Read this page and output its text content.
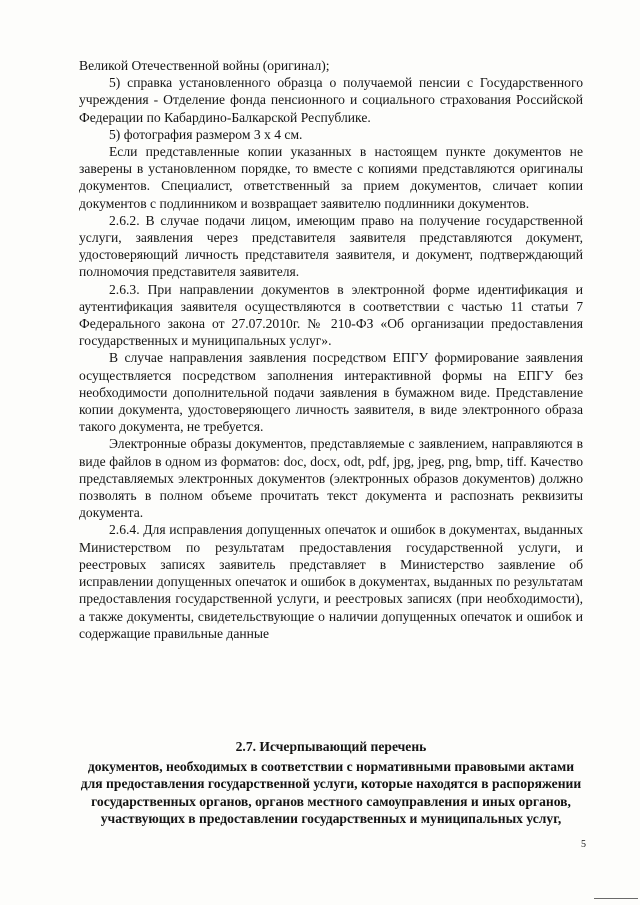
Великой Отечественной войны (оригинал);

5) справка установленного образца о получаемой пенсии с Государственного учреждения - Отделение фонда пенсионного и социального страхования Российской Федерации по Кабардино-Балкарской Республике.

5) фотография размером 3 x 4 см.

Если представленные копии указанных в настоящем пункте документов не заверены в установленном порядке, то вместе с копиями представляются оригиналы документов. Специалист, ответственный за прием документов, сличает копии документов с подлинником и возвращает заявителю подлинники документов.

2.6.2. В случае подачи лицом, имеющим право на получение государственной услуги, заявления через представителя заявителя представляются документ, удостоверяющий личность представителя заявителя, и документ, подтверждающий полномочия представителя заявителя.

2.6.3. При направлении документов в электронной форме идентификация и аутентификация заявителя осуществляются в соответствии с частью 11 статьи 7 Федерального закона от 27.07.2010г. № 210-ФЗ «Об организации предоставления государственных и муниципальных услуг».

В случае направления заявления посредством ЕПГУ формирование заявления осуществляется посредством заполнения интерактивной формы на ЕПГУ без необходимости дополнительной подачи заявления в бумажном виде. Представление копии документа, удостоверяющего личность заявителя, в виде электронного образа такого документа, не требуется.

Электронные образы документов, представляемые с заявлением, направляются в виде файлов в одном из форматов: doc, docx, odt, pdf, jpg, jpeg, png, bmp, tiff. Качество представляемых электронных документов (электронных образов документов) должно позволять в полном объеме прочитать текст документа и распознать реквизиты документа.

2.6.4. Для исправления допущенных опечаток и ошибок в документах, выданных Министерством по результатам предоставления государственной услуги, и реестровых записях заявитель представляет в Министерство заявление об исправлении допущенных опечаток и ошибок в документах, выданных по результатам предоставления государственной услуги, и реестровых записях (при необходимости), а также документы, свидетельствующие о наличии допущенных опечаток и ошибок и содержащие правильные данные

2.7. Исчерпывающий перечень

документов, необходимых в соответствии с нормативными правовыми актами для предоставления государственной услуги, которые находятся в распоряжении государственных органов, органов местного самоуправления и иных органов, участвующих в предоставлении государственных и муниципальных услуг,

5
